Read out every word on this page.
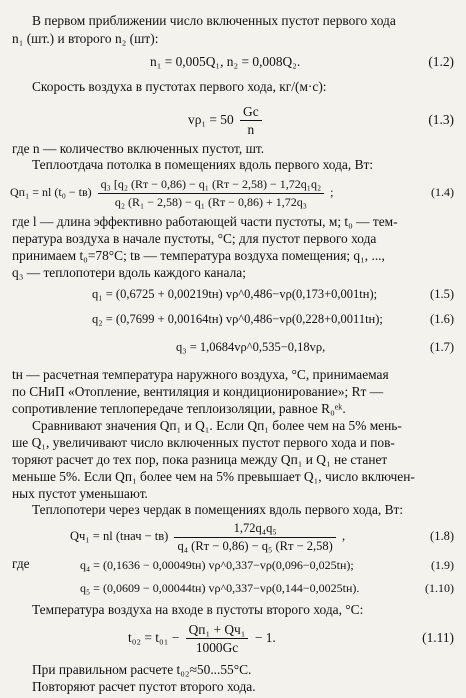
В первом приближении число включенных пустот первого хода
n₁ (шт.) и второго n₂ (шт):
n₁ = 0,005Q₁, n₂ = 0,008Q₂.	(1.2)
Скорость воздуха в пустотах первого хода, кг/(м·с):
$v\rho_1 = 50 \frac{Gс}{n}$	(1.3)
где n — количество включенных пустот, шт.
Теплоотдача потолка в помещениях вдоль первого хода, Вт:
Qп₁ = nl $(t_0 - tв) \frac{\text{q₃ [q₂ (Rт − 0,86) − q₁ (Rт − 2,58) − 1,72q₁q₂}}{\text{q₂ (R₁ − 2,58) − q₁ (Rт − 0,86) + 1,72q₃}}$ ;	(1.4)
где l — длина эффективно работающей части пустоты, м; t₀ — тем-
пература воздуха в начале пустоты, °С; для пустот первого хода
принимаем t₀=78°С; tв — температура воздуха помещения; q₁, ...,
q₃ — теплопотери вдоль каждого канала;
q₁ = (0,6725 + 0,00219tн) vρ^0,486−vρ(0,173+0,001tн);	(1.5)
q₂ = (0,7699 + 0,00164tн) vρ^0,486−vρ(0,228+0,0011tн);	(1.6)
q₃ = 1,0684vρ^0,535−0,18vρ,	(1.7)
tн — расчетная температура наружного воздуха, °С, принимаемая
по СНиП «Отопление, вентиляция и кондиционирование»; Rт —
сопротивление теплопередаче теплоизоляции, равное R₀ᵉᵏ.
Сравнивают значения Qп₁ и Q₁. Если Qп₁ более чем на 5% мень-
ше Q₁, увеличивают число включенных пустот первого хода и пов-
торяют расчет до тех пор, пока разница между Qп₁ и Q₁ не станет
меньше 5%. Если Qп₁ более чем на 5% превышает Q₁, число включен-
ных пустот уменьшают.
Теплопотери через чердак в помещениях вдоль первого хода, Вт:
Qч₁ = nl (tнач − $tв) \frac{\text{1,72q₄q₅}}{\text{q₄ (Rт − 0,86) − q₅ (Rт − 2,58)}}$ ,	(1.8)
где	q₄ = (0,1636 − 0,00049tн) vρ^0,337−vρ(0,096−0,025tн);	(1.9)
q₅ = (0,0609 − 0,00044tн) vρ^0,337−vρ(0,144−0,0025tн).	(1.10)
Температура воздуха на входе в пустоты второго хода, °С:
$t_{02} = t_{01} - \frac{\text{Qп₁ + Qч₁}}{1000Gс} - 1$.	(1.11)
При правильном расчете t₀₂≈50...55°С.
Повторяют расчет пустот второго хода.
